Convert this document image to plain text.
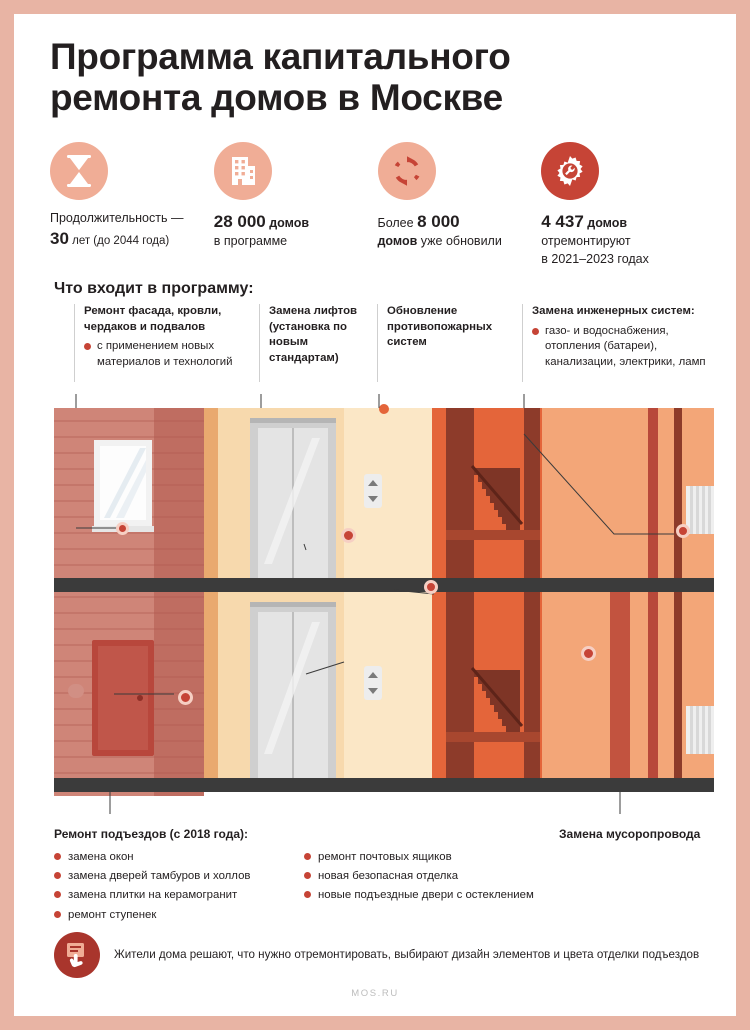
Программа капитального
ремонта домов в Москве
Продолжительность —
30 лет (до 2044 года)
28 000 домов
в программе
Более 8 000
домов уже обновили
4 437 домов
отремонтируют
в 2021–2023 годах
Что входит в программу:
Ремонт фасада, кровли, чердаков и подвалов
с применением новых материалов и технологий
Замена лифтов (установка по новым стандартам)
Обновление противопожарных систем
Замена инженерных систем:
газо- и водоснабжения, отопления (батареи), канализации, электрики, ламп
Ремонт подъездов (с 2018 года):
замена окон
замена дверей тамбуров и холлов
замена плитки на керамогранит
ремонт ступенек
ремонт почтовых ящиков
новая безопасная отделка
новые подъездные двери с остеклением
Замена мусоропровода
Жители дома решают, что нужно отремонтировать, выбирают дизайн элементов и цвета отделки подъездов
MOS.RU
